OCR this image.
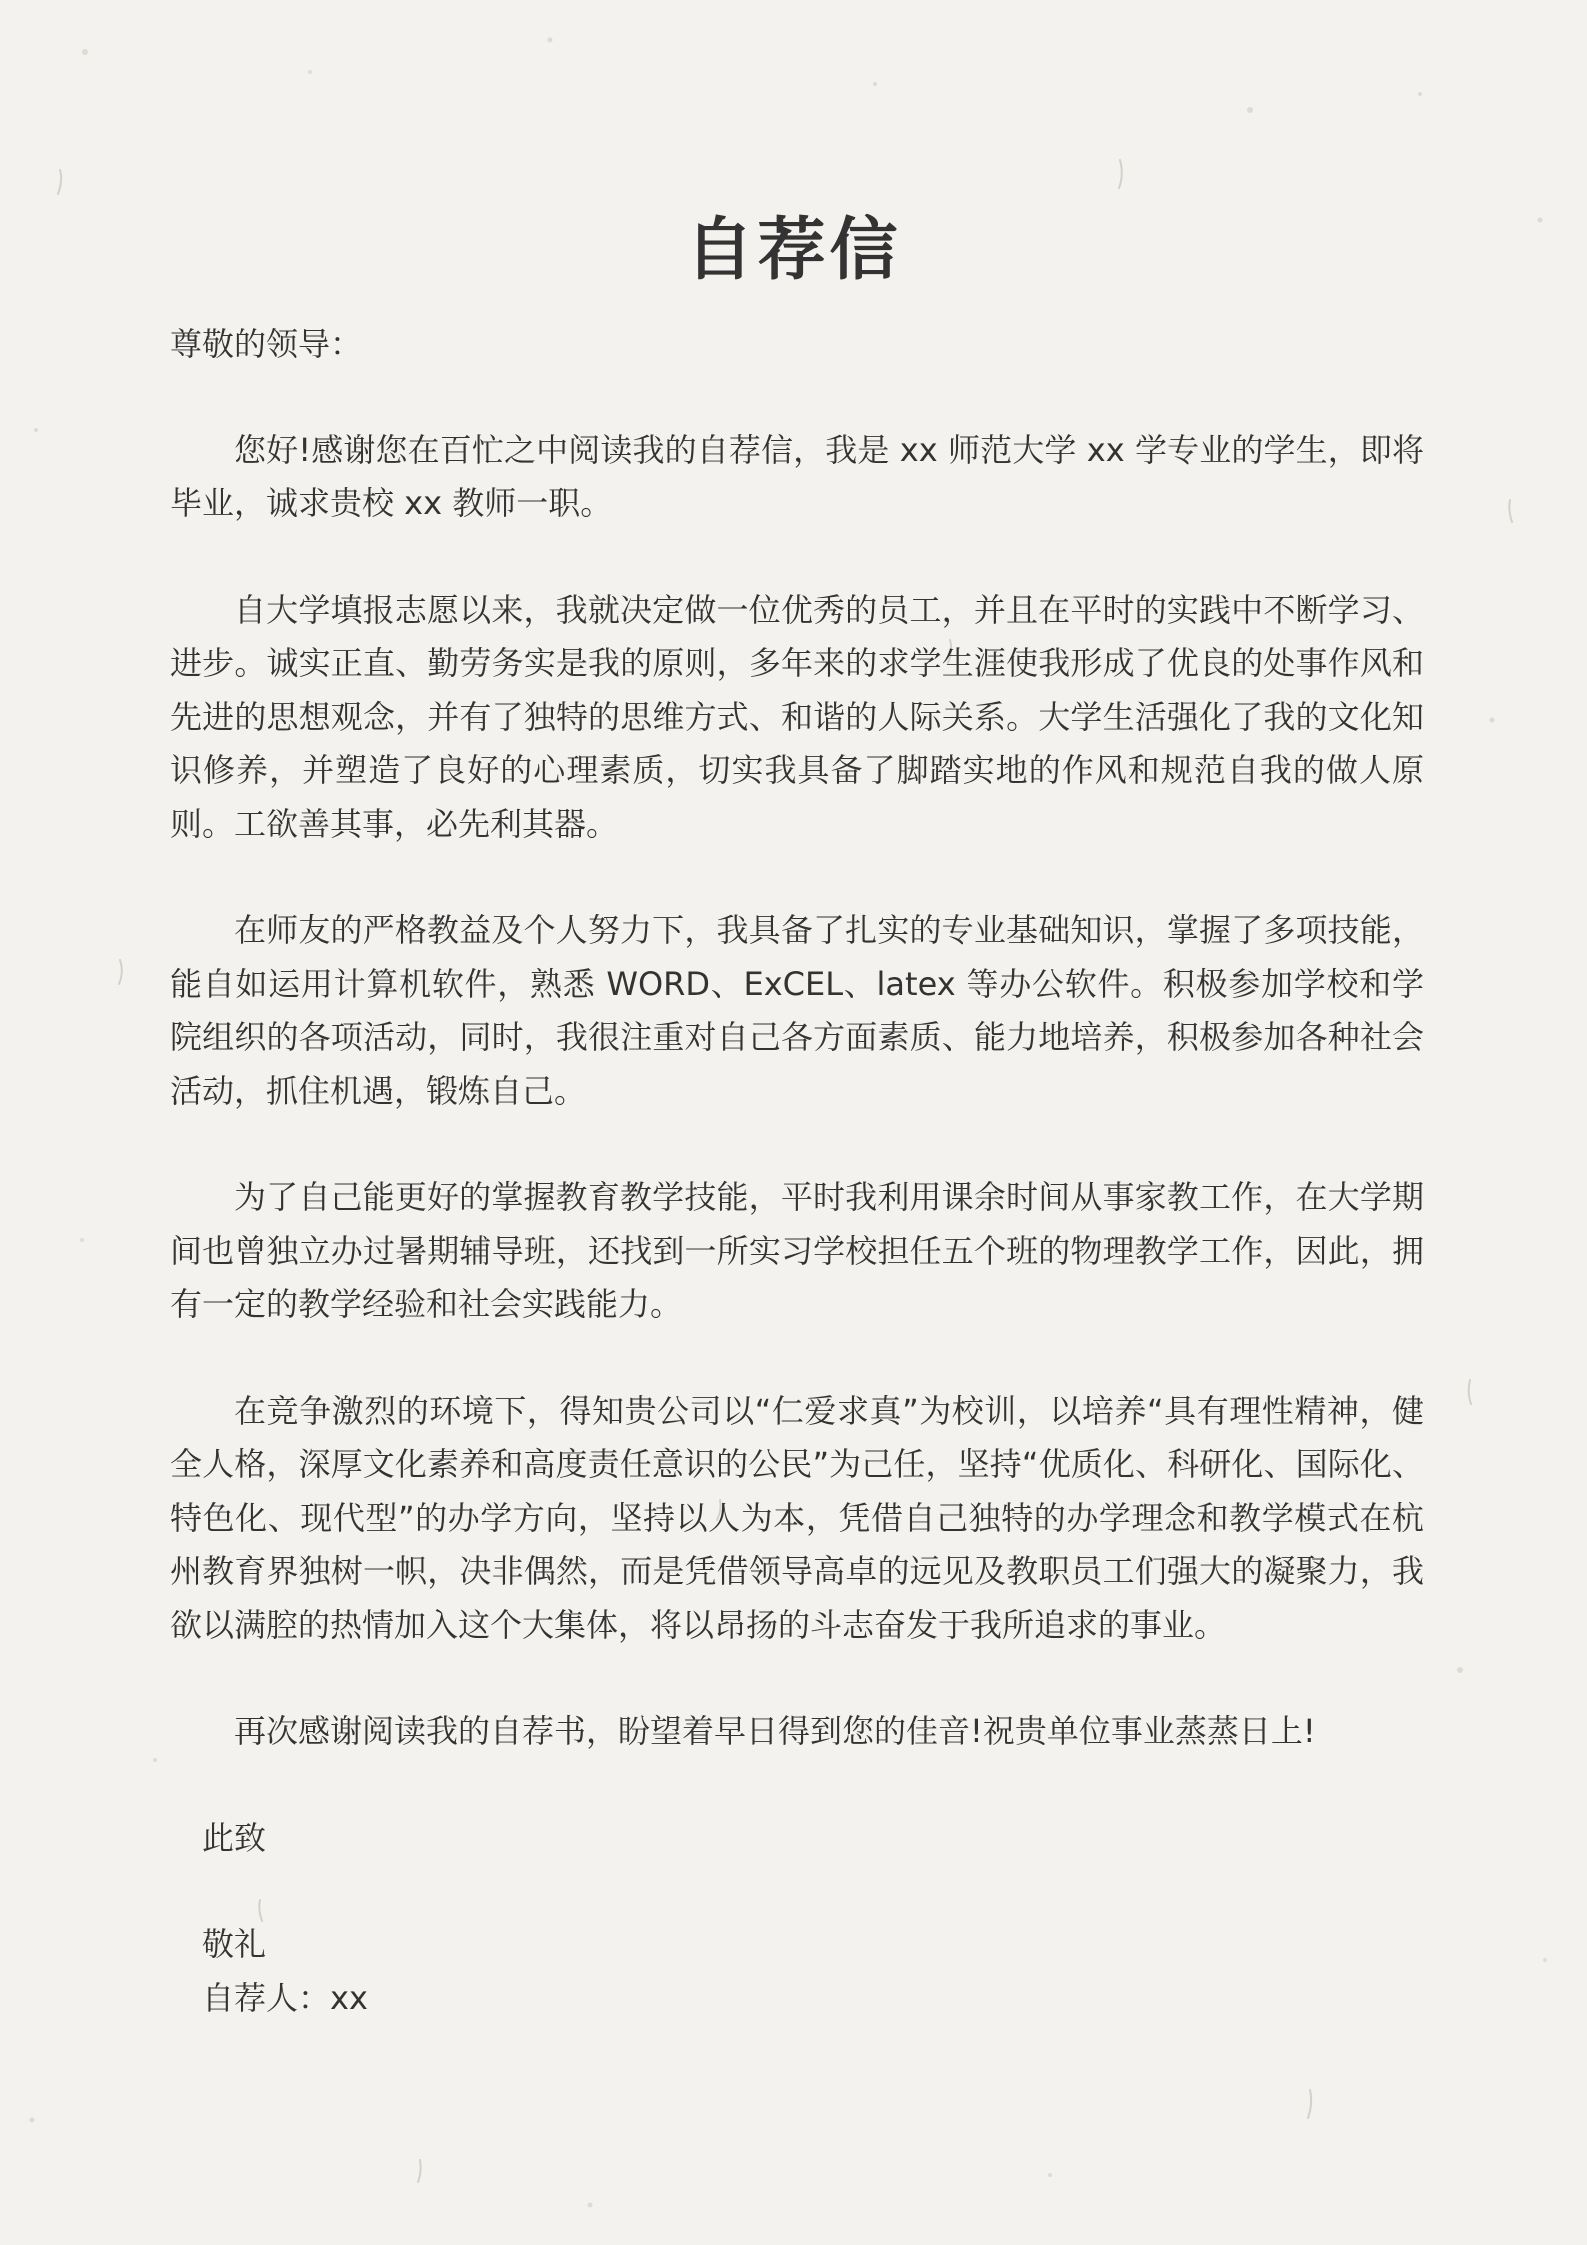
自荐信

尊敬的领导：

您好!感谢您在百忙之中阅读我的自荐信，我是 xx 师范大学 xx 学专业的学生，即将毕业，诚求贵校 xx 教师一职。

自大学填报志愿以来，我就决定做一位优秀的员工，并且在平时的实践中不断学习、进步。诚实正直、勤劳务实是我的原则，多年来的求学生涯使我形成了优良的处事作风和先进的思想观念，并有了独特的思维方式、和谐的人际关系。大学生活强化了我的文化知识修养，并塑造了良好的心理素质，切实我具备了脚踏实地的作风和规范自我的做人原则。工欲善其事，必先利其器。

在师友的严格教益及个人努力下，我具备了扎实的专业基础知识，掌握了多项技能，能自如运用计算机软件，熟悉 WORD、ExCEL、latex 等办公软件。积极参加学校和学院组织的各项活动，同时，我很注重对自己各方面素质、能力地培养，积极参加各种社会活动，抓住机遇，锻炼自己。

为了自己能更好的掌握教育教学技能，平时我利用课余时间从事家教工作，在大学期间也曾独立办过暑期辅导班，还找到一所实习学校担任五个班的物理教学工作，因此，拥有一定的教学经验和社会实践能力。

在竞争激烈的环境下，得知贵公司以“仁爱求真”为校训，以培养“具有理性精神，健全人格，深厚文化素养和高度责任意识的公民”为己任，坚持“优质化、科研化、国际化、特色化、现代型”的办学方向，坚持以人为本，凭借自己独特的办学理念和教学模式在杭州教育界独树一帜，决非偶然，而是凭借领导高卓的远见及教职员工们强大的凝聚力，我欲以满腔的热情加入这个大集体，将以昂扬的斗志奋发于我所追求的事业。

再次感谢阅读我的自荐书，盼望着早日得到您的佳音!祝贵单位事业蒸蒸日上!

此致

敬礼

自荐人：xx
